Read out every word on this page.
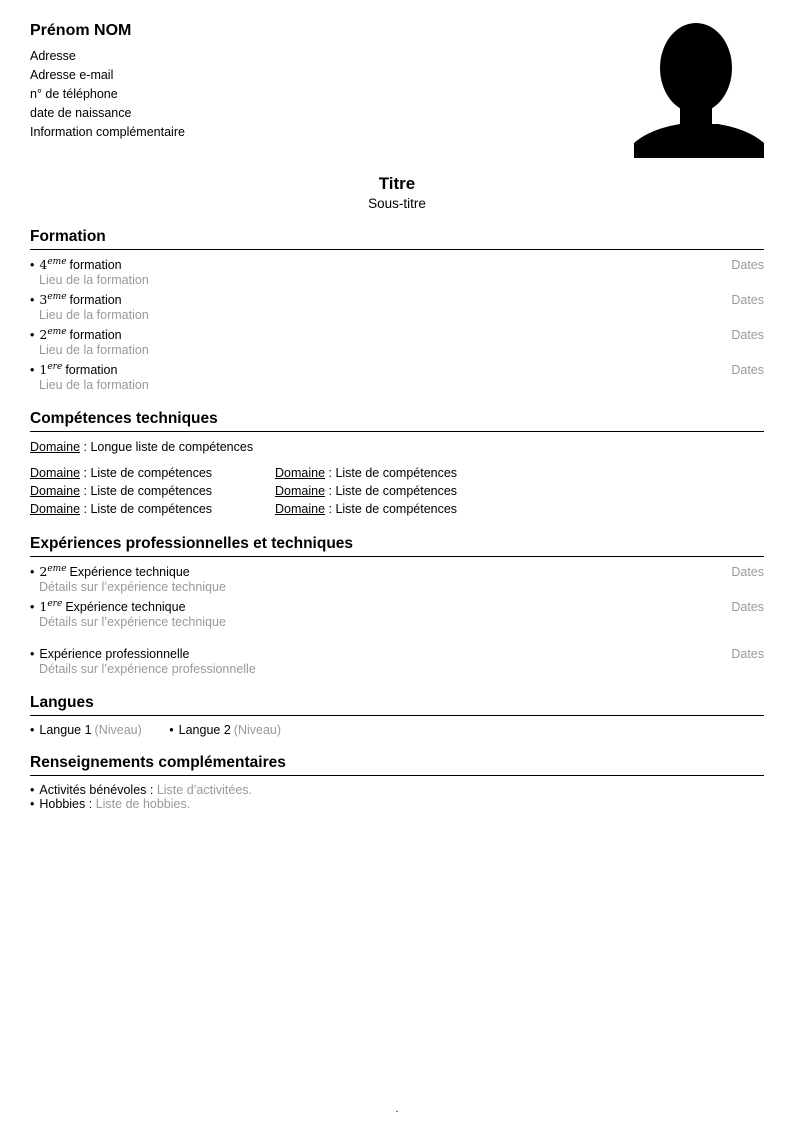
Prénom NOM
Adresse
Adresse e-mail
n° de téléphone
date de naissance
Information complémentaire
Titre
Sous-titre
Formation
• 4eme formation	Dates
Lieu de la formation
• 3eme formation	Dates
Lieu de la formation
• 2eme formation	Dates
Lieu de la formation
• 1ere formation	Dates
Lieu de la formation
Compétences techniques
Domaine : Longue liste de compétences
Domaine : Liste de compétences	Domaine : Liste de compétences
Domaine : Liste de compétences	Domaine : Liste de compétences
Domaine : Liste de compétences	Domaine : Liste de compétences
Expériences professionnelles et techniques
• 2eme Expérience technique	Dates
Détails sur l’expérience technique
• 1ere Expérience technique	Dates
Détails sur l’expérience technique
• Expérience professionnelle	Dates
Détails sur l’expérience professionnelle
Langues
• Langue 1 (Niveau) • Langue 2 (Niveau)
Renseignements complémentaires
• Activités bénévoles : Liste d’activitées.
• Hobbies : Liste de hobbies.
.
